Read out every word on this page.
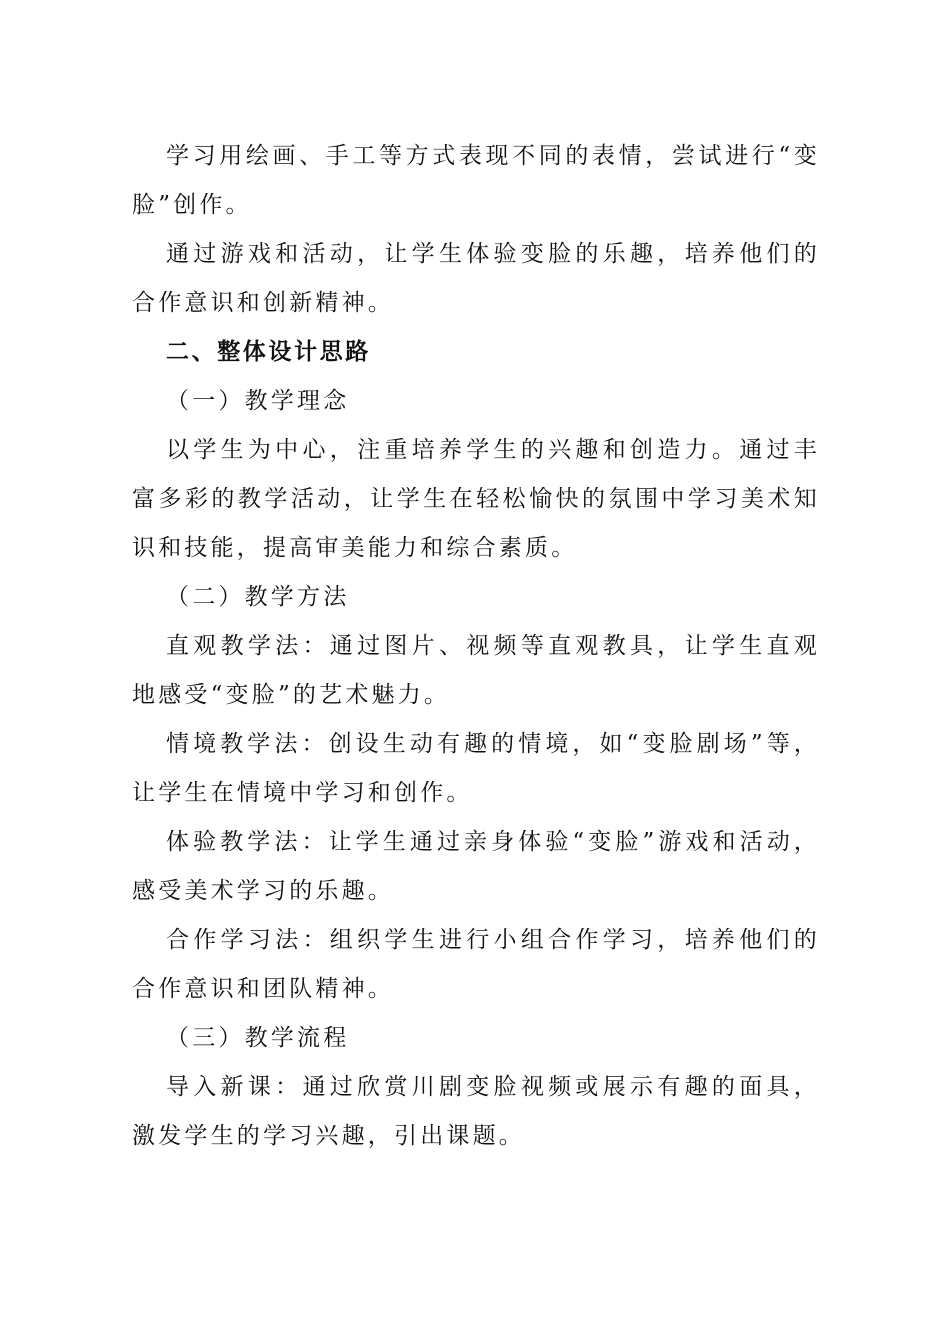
学习用绘画、手工等方式表现不同的表情，尝试进行“变脸”创作。

通过游戏和活动，让学生体验变脸的乐趣，培养他们的合作意识和创新精神。

二、整体设计思路

（一）教学理念

以学生为中心，注重培养学生的兴趣和创造力。通过丰富多彩的教学活动，让学生在轻松愉快的氛围中学习美术知识和技能，提高审美能力和综合素质。

（二）教学方法

直观教学法：通过图片、视频等直观教具，让学生直观地感受“变脸”的艺术魅力。

情境教学法：创设生动有趣的情境，如“变脸剧场”等，让学生在情境中学习和创作。

体验教学法：让学生通过亲身体验“变脸”游戏和活动，感受美术学习的乐趣。

合作学习法：组织学生进行小组合作学习，培养他们的合作意识和团队精神。

（三）教学流程

导入新课：通过欣赏川剧变脸视频或展示有趣的面具，激发学生的学习兴趣，引出课题。
